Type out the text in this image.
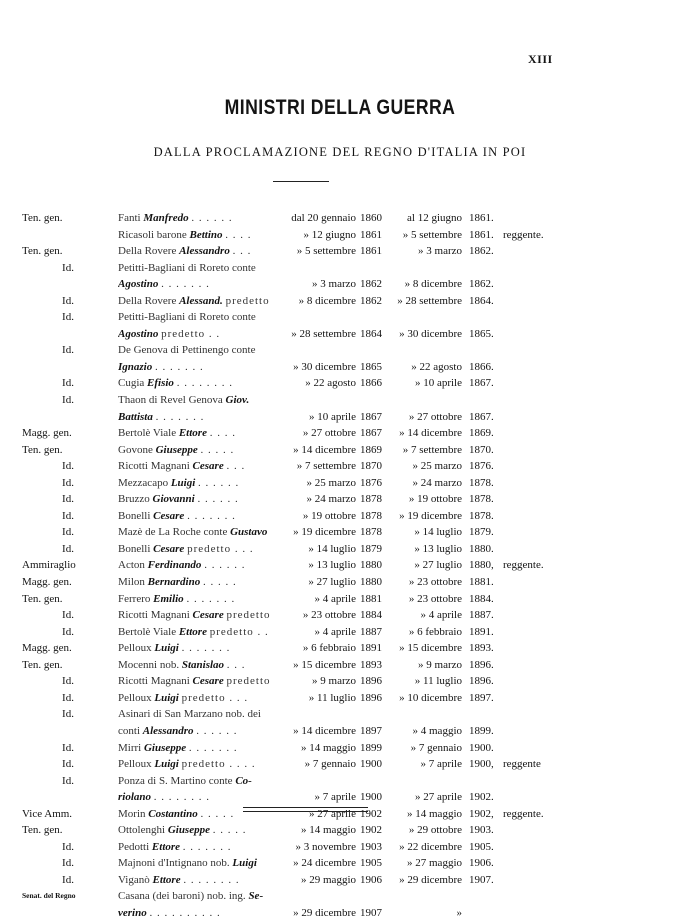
XIII
MINISTRI DELLA GUERRA
DALLA PROCLAMAZIONE DEL REGNO D'ITALIA IN POI
Ten. gen.	Fanti Manfredo . . . . . .	dal 20 gennaio 1860	al 12 giugno 1861.
Ricasoli barone Bettino . . . .	» 12 giugno 1861	» 5 settembre 1861. reggente.
Ten. gen.	Della Rovere Alessandro . . .	» 5 settembre 1861	» 3 marzo 1862.
Id.	Petitti-Bagliani di Roreto conte
Agostino . . . . . . .	» 3 marzo 1862	» 8 dicembre 1862.
Id.	Della Rovere Alessand. predetto	» 8 dicembre 1862	» 28 settembre 1864.
Id.	Petitti-Bagliani di Roreto conte
Agostino predetto . .	» 28 settembre 1864	» 30 dicembre 1865.
Id.	De Genova di Pettinengo conte
Ignazio . . . . . . .	» 30 dicembre 1865	» 22 agosto 1866.
Id.	Cugia Efisio . . . . . . . .	» 22 agosto 1866	» 10 aprile 1867.
Id.	Thaon di Revel Genova Giov.
Battista . . . . . . .	» 10 aprile 1867	» 27 ottobre 1867.
Magg. gen.	Bertolè Viale Ettore . . . .	» 27 ottobre 1867	» 14 dicembre 1869.
Ten. gen.	Govone Giuseppe . . . . .	» 14 dicembre 1869	» 7 settembre 1870.
Id.	Ricotti Magnani Cesare . . .	» 7 settembre 1870	» 25 marzo 1876.
Id.	Mezzacapo Luigi . . . . . .	» 25 marzo 1876	» 24 marzo 1878.
Id.	Bruzzo Giovanni . . . . . .	» 24 marzo 1878	» 19 ottobre 1878.
Id.	Bonelli Cesare . . . . . . .	» 19 ottobre 1878	» 19 dicembre 1878.
Id.	Mazè de La Roche conte Gustavo	» 19 dicembre 1878	» 14 luglio 1879.
Id.	Bonelli Cesare predetto . . .	» 14 luglio 1879	» 13 luglio 1880.
Ammiraglio	Acton Ferdinando . . . . . .	» 13 luglio 1880	» 27 luglio 1880, reggente.
Magg. gen.	Milon Bernardino . . . . .	» 27 luglio 1880	» 23 ottobre 1881.
Ten. gen.	Ferrero Emilio . . . . . . .	» 4 aprile 1881	» 23 ottobre 1884.
Id.	Ricotti Magnani Cesare predetto	» 23 ottobre 1884	» 4 aprile 1887.
Id.	Bertolè Viale Ettore predetto . .	» 4 aprile 1887	» 6 febbraio 1891.
Magg. gen.	Pelloux Luigi . . . . . . .	» 6 febbraio 1891	» 15 dicembre 1893.
Ten. gen.	Mocenni nob. Stanislao . . .	» 15 dicembre 1893	» 9 marzo 1896.
Id.	Ricotti Magnani Cesare predetto	» 9 marzo 1896	» 11 luglio 1896.
Id.	Pelloux Luigi predetto . . .	» 11 luglio 1896	» 10 dicembre 1897.
Id.	Asinari di San Marzano nob. dei
conti Alessandro . . . . . .	» 14 dicembre 1897	» 4 maggio 1899.
Id.	Mirri Giuseppe . . . . . . .	» 14 maggio 1899	» 7 gennaio 1900.
Id.	Pelloux Luigi predetto . . . .	» 7 gennaio 1900	» 7 aprile 1900, reggente
Id.	Ponza di S. Martino conte Co-
riolano . . . . . . . .	» 7 aprile 1900	» 27 aprile 1902.
Vice Amm.	Morin Costantino . . . . .	» 27 aprile 1902	» 14 maggio 1902, reggente.
Ten. gen.	Ottolenghi Giuseppe . . . . .	» 14 maggio 1902	» 29 ottobre 1903.
Id.	Pedotti Ettore . . . . . . .	» 3 novembre 1903	» 22 dicembre 1905.
Id.	Majnoni d'Intignano nob. Luigi	» 24 dicembre 1905	» 27 maggio 1906.
Id.	Viganò Ettore . . . . . . . .	» 29 maggio 1906	» 29 dicembre 1907.
Senat. del Regno	Casana (dei baroni) nob. ing. Se-
verino . . . . . . . . . .	» 29 dicembre 1907	»
